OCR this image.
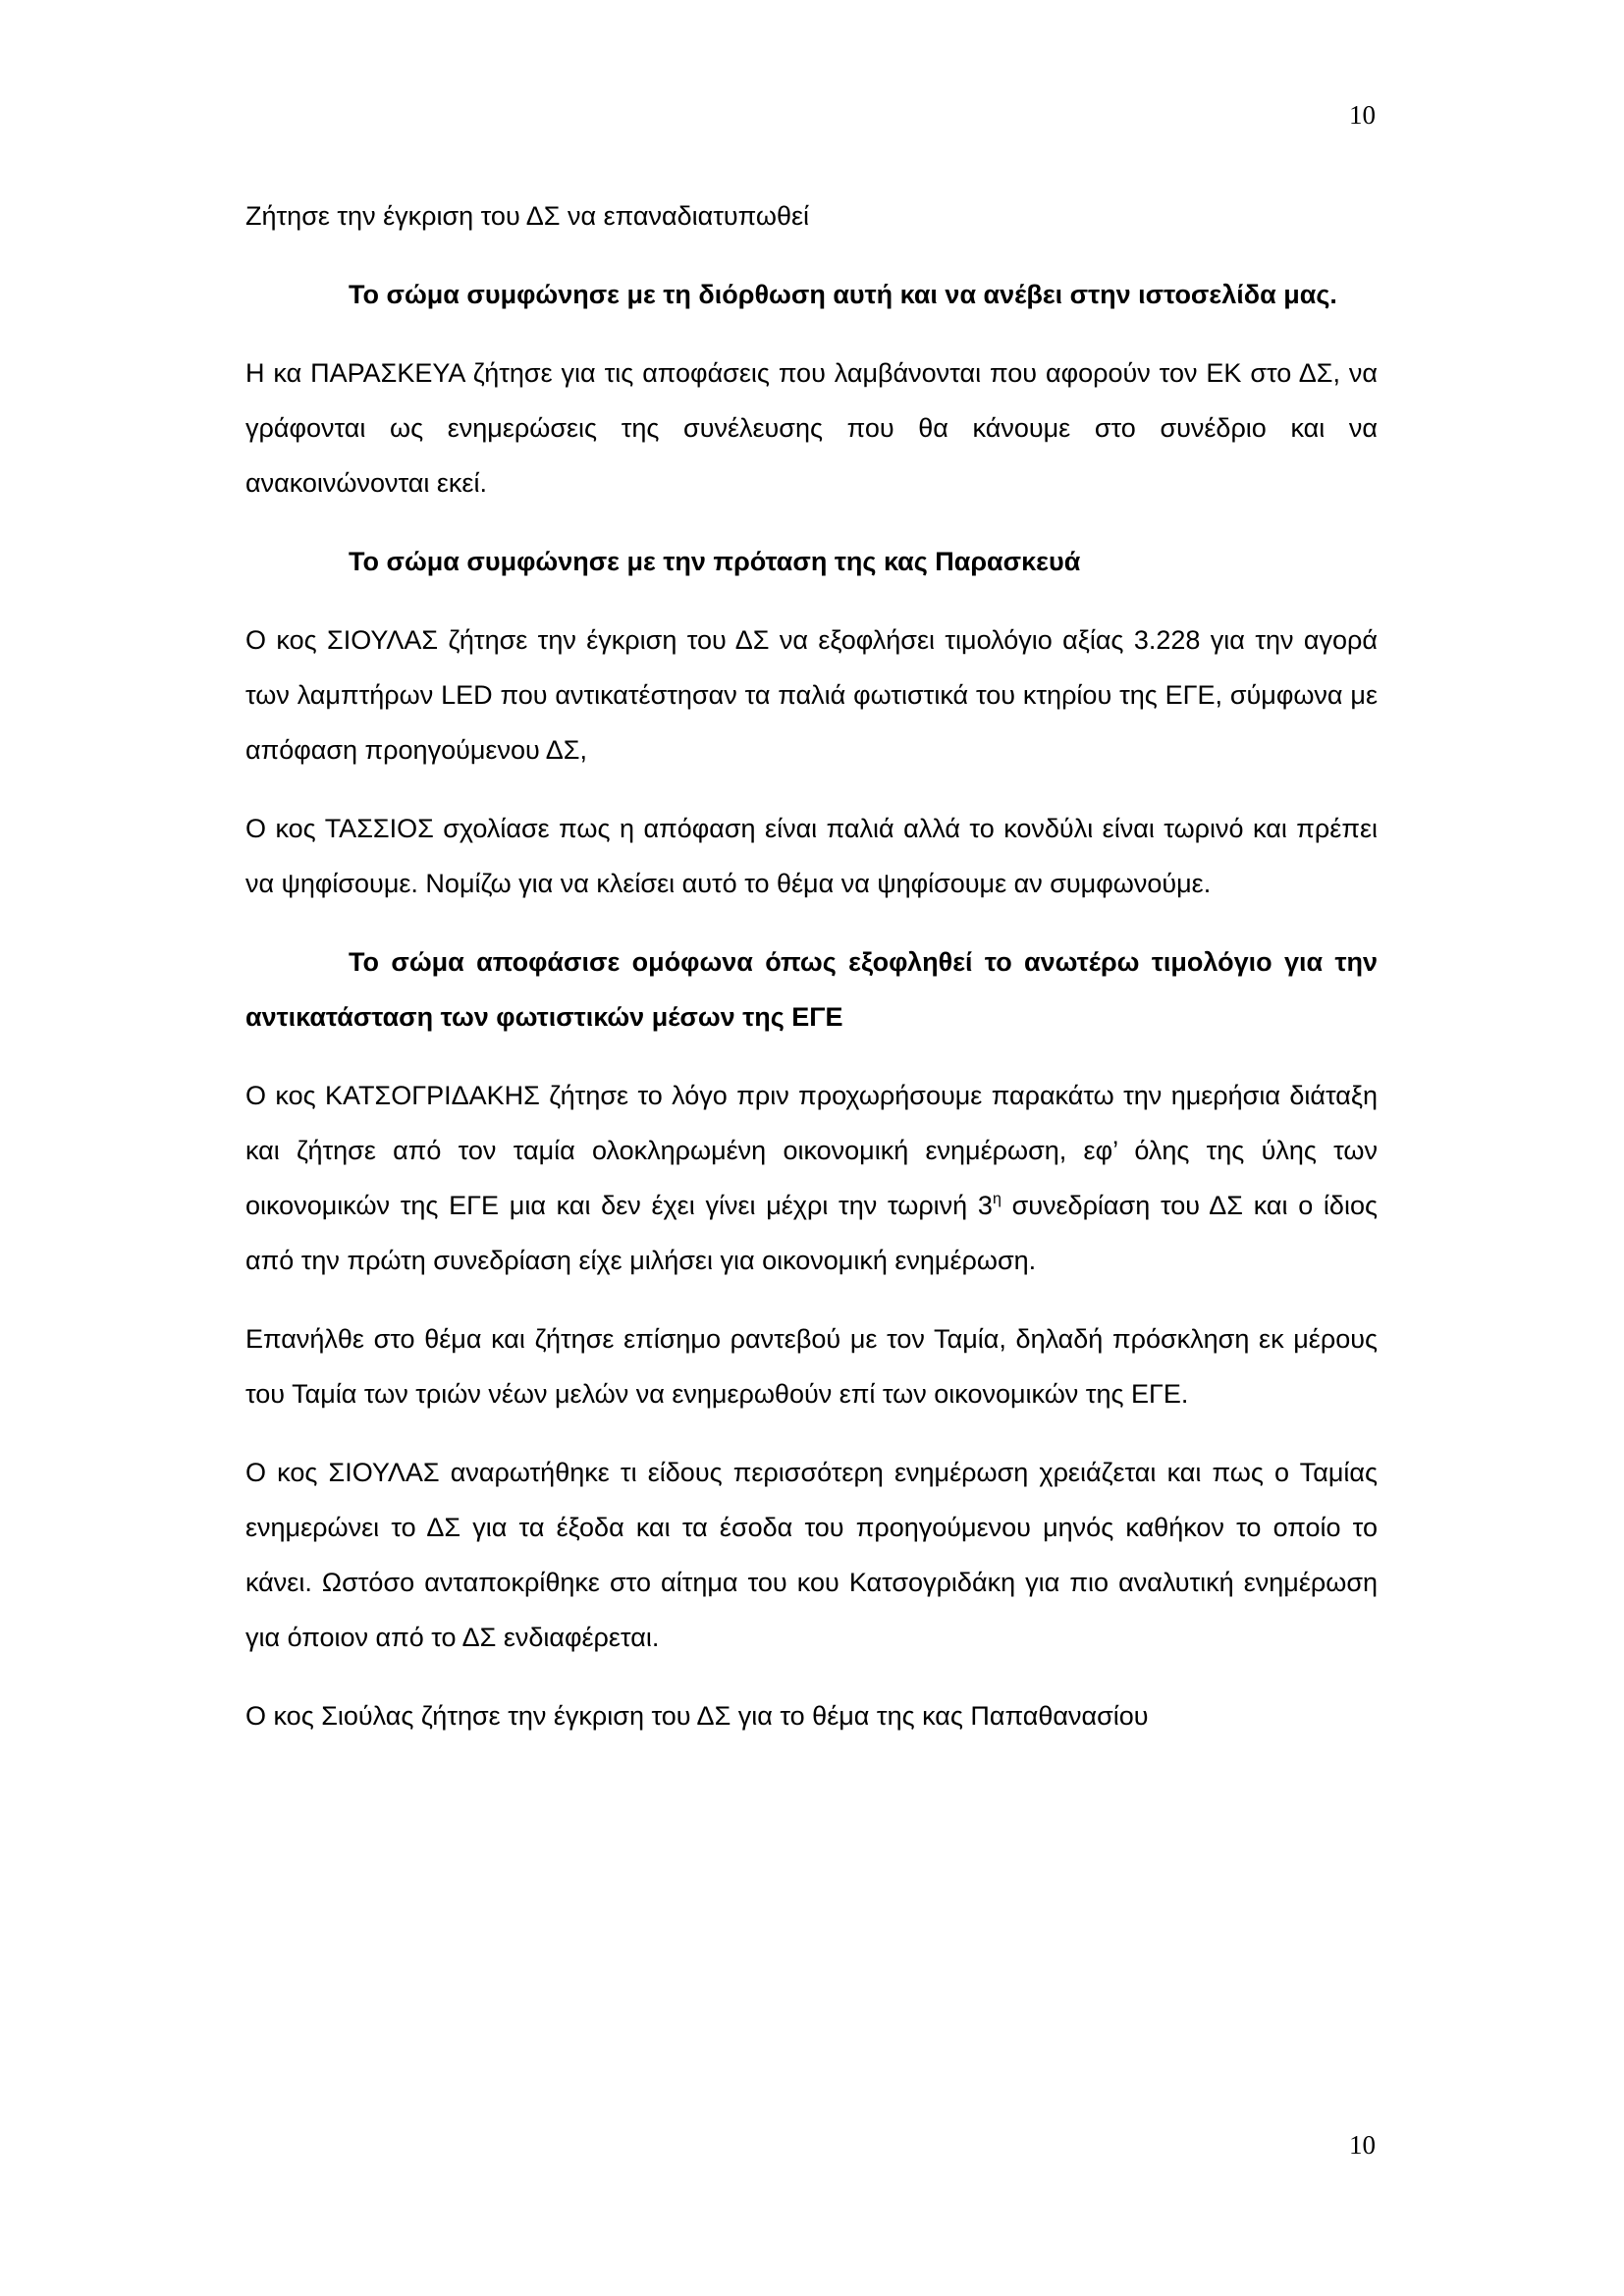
10

Ζήτησε την έγκριση του ΔΣ να επαναδιατυπωθεί

Το σώμα συμφώνησε με τη διόρθωση αυτή και να ανέβει στην ιστοσελίδα μας.

Η κα ΠΑΡΑΣΚΕΥΑ ζήτησε για τις αποφάσεις που λαμβάνονται που αφορούν τον ΕΚ στο ΔΣ, να γράφονται ως ενημερώσεις της συνέλευσης που θα κάνουμε στο συνέδριο και να ανακοινώνονται εκεί.

Το σώμα συμφώνησε με την πρόταση της κας Παρασκευά

Ο κος ΣΙΟΥΛΑΣ ζήτησε την έγκριση του ΔΣ να εξοφλήσει τιμολόγιο αξίας 3.228 για την αγορά των λαμπτήρων LED που αντικατέστησαν τα παλιά φωτιστικά του κτηρίου της ΕΓΕ, σύμφωνα με απόφαση προηγούμενου ΔΣ,

Ο κος ΤΑΣΣΙΟΣ σχολίασε πως η απόφαση είναι παλιά αλλά το κονδύλι είναι τωρινό και πρέπει να ψηφίσουμε. Νομίζω για να κλείσει αυτό το θέμα να ψηφίσουμε αν συμφωνούμε.

Το σώμα αποφάσισε ομόφωνα όπως εξοφληθεί το ανωτέρω τιμολόγιο για την αντικατάσταση των φωτιστικών μέσων της ΕΓΕ

Ο κος ΚΑΤΣΟΓΡΙΔΑΚΗΣ ζήτησε το λόγο πριν προχωρήσουμε παρακάτω την ημερήσια διάταξη και ζήτησε από τον ταμία ολοκληρωμένη οικονομική ενημέρωση, εφ’ όλης της ύλης των οικονομικών της ΕΓΕ μια και δεν έχει γίνει μέχρι την τωρινή $3^\eta$ συνεδρίαση του ΔΣ και ο ίδιος από την πρώτη συνεδρίαση είχε μιλήσει για οικονομική ενημέρωση.

Επανήλθε στο θέμα και ζήτησε επίσημο ραντεβού με τον Ταμία, δηλαδή πρόσκληση εκ μέρους του Ταμία των τριών νέων μελών να ενημερωθούν επί των οικονομικών της ΕΓΕ.

Ο κος ΣΙΟΥΛΑΣ αναρωτήθηκε τι είδους περισσότερη ενημέρωση χρειάζεται και πως ο Ταμίας ενημερώνει το ΔΣ για τα έξοδα και τα έσοδα του προηγούμενου μηνός καθήκον το οποίο το κάνει. Ωστόσο ανταποκρίθηκε στο αίτημα του κου Κατσογριδάκη για πιο αναλυτική ενημέρωση για όποιον από το ΔΣ ενδιαφέρεται.

Ο κος Σιούλας ζήτησε την έγκριση του ΔΣ για το θέμα της κας Παπαθανασίου

10
